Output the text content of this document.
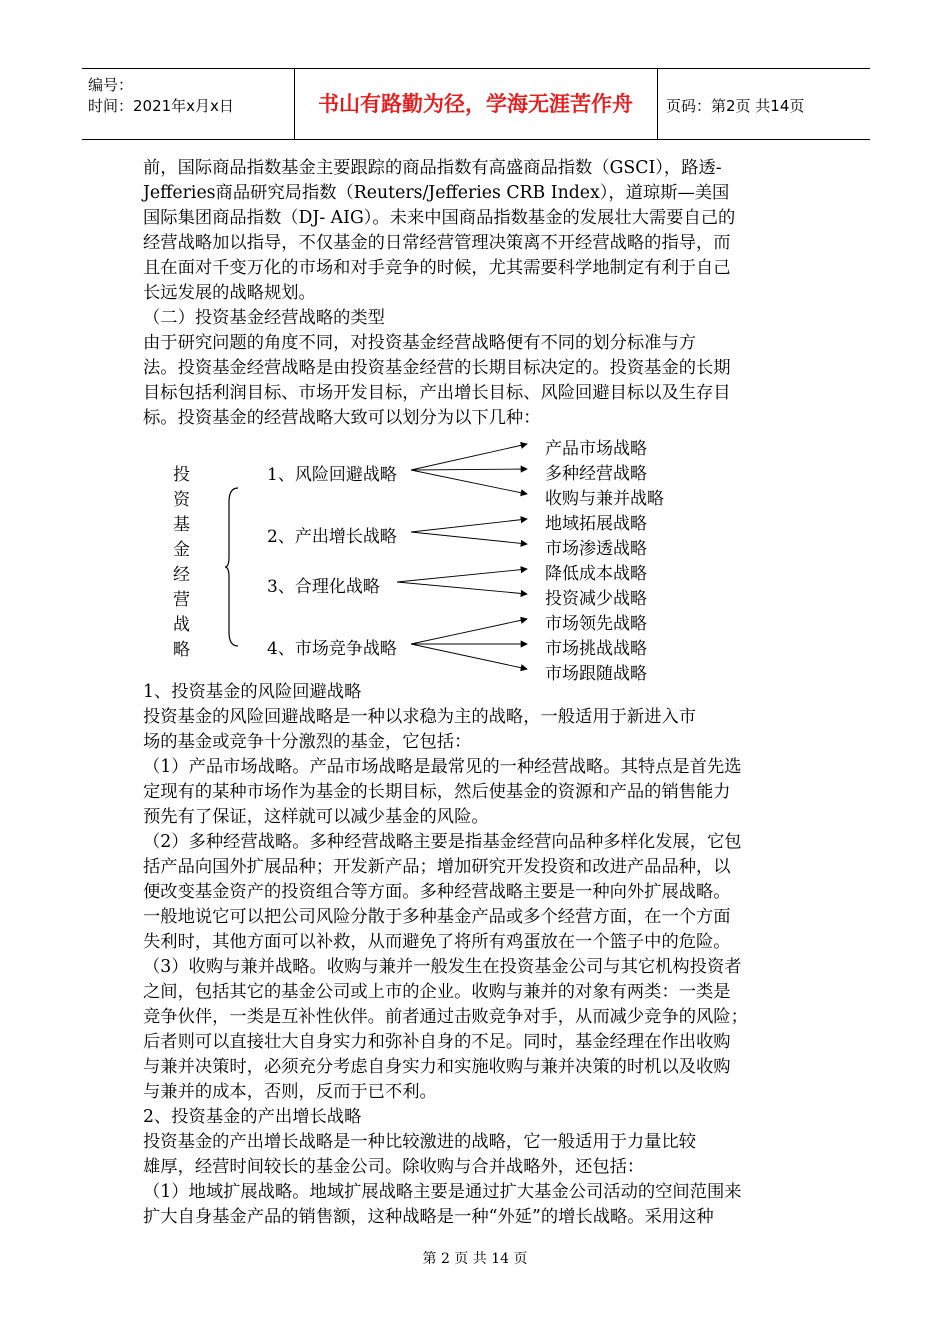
编号：
时间：2021年x月x日	书山有路勤为径，学海无涯苦作舟	页码：第2页 共14页
前，国际商品指数基金主要跟踪的商品指数有高盛商品指数（GSCI），路透-
Jefferies商品研究局指数（Reuters/Jefferies CRB Index），道琼斯—美国
国际集团商品指数（DJ- AIG）。未来中国商品指数基金的发展壮大需要自己的
经营战略加以指导，不仅基金的日常经营管理决策离不开经营战略的指导，而
且在面对千变万化的市场和对手竞争的时候，尤其需要科学地制定有利于自己
长远发展的战略规划。
（二）投资基金经营战略的类型
由于研究问题的角度不同，对投资基金经营战略便有不同的划分标准与方
法。投资基金经营战略是由投资基金经营的长期目标决定的。投资基金的长期
目标包括利润目标、市场开发目标，产出增长目标、风险回避目标以及生存目
标。投资基金的经营战略大致可以划分为以下几种：
投
资
基
金
经
营
战
略
1、风险回避战略
2、产出增长战略
3、合理化战略
4、市场竞争战略
产品市场战略
多种经营战略
收购与兼并战略
地域拓展战略
市场渗透战略
降低成本战略
投资减少战略
市场领先战略
市场挑战战略
市场跟随战略
1、投资基金的风险回避战略
投资基金的风险回避战略是一种以求稳为主的战略，一般适用于新进入市
场的基金或竞争十分激烈的基金，它包括：
（1）产品市场战略。产品市场战略是最常见的一种经营战略。其特点是首先选
定现有的某种市场作为基金的长期目标，然后使基金的资源和产品的销售能力
预先有了保证，这样就可以减少基金的风险。
（2）多种经营战略。多种经营战略主要是指基金经营向品种多样化发展，它包
括产品向国外扩展品种；开发新产品；增加研究开发投资和改进产品品种，以
便改变基金资产的投资组合等方面。多种经营战略主要是一种向外扩展战略。
一般地说它可以把公司风险分散于多种基金产品或多个经营方面，在一个方面
失利时，其他方面可以补救，从而避免了将所有鸡蛋放在一个篮子中的危险。
（3）收购与兼并战略。收购与兼并一般发生在投资基金公司与其它机构投资者
之间，包括其它的基金公司或上市的企业。收购与兼并的对象有两类：一类是
竞争伙伴，一类是互补性伙伴。前者通过击败竞争对手，从而减少竞争的风险；
后者则可以直接壮大自身实力和弥补自身的不足。同时，基金经理在作出收购
与兼并决策时，必须充分考虑自身实力和实施收购与兼并决策的时机以及收购
与兼并的成本，否则，反而于已不利。
2、投资基金的产出增长战略
投资基金的产出增长战略是一种比较激进的战略，它一般适用于力量比较
雄厚，经营时间较长的基金公司。除收购与合并战略外，还包括：
（1）地域扩展战略。地域扩展战略主要是通过扩大基金公司活动的空间范围来
扩大自身基金产品的销售额，这种战略是一种“外延”的增长战略。采用这种
第 2 页 共 14 页
